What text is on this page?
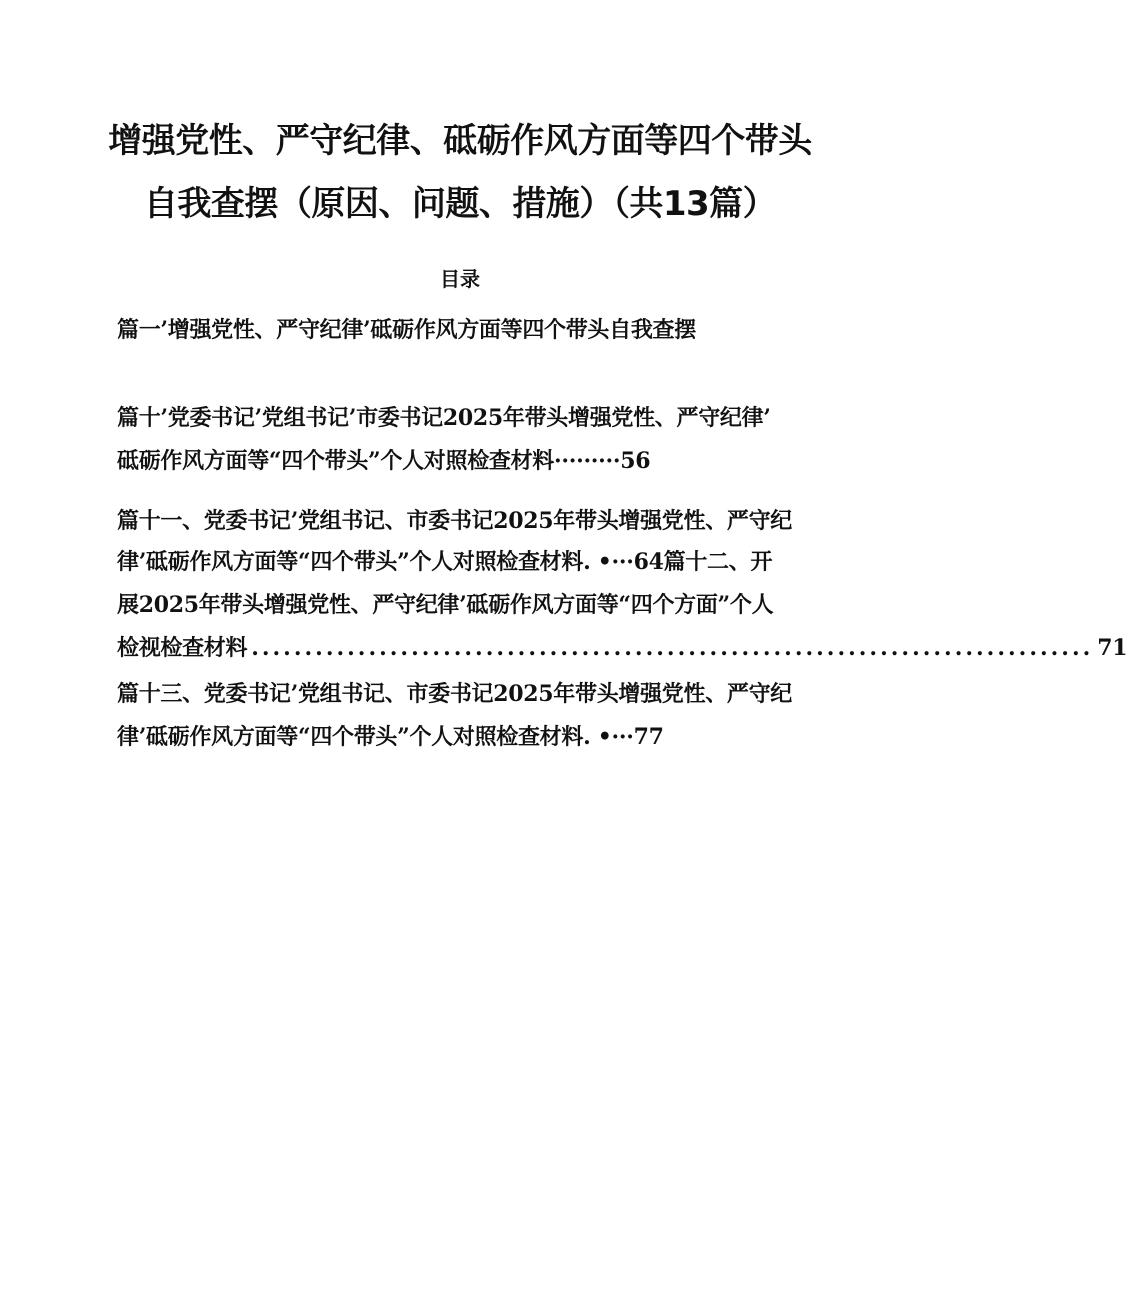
增强党性、严守纪律、砥砺作风方面等四个带头
自我查摆（原因、问题、措施）（共13篇）
目录
篇一’增强党性、严守纪律’砥砺作风方面等四个带头自我查摆
篇十’党委书记’党组书记’市委书记2025年带头增强党性、严守纪律’
砥砺作风方面等“四个带头”个人对照检查材料·········56
篇十一、党委书记’党组书记、市委书记2025年带头增强党性、严守纪
律’砥砺作风方面等“四个带头”个人对照检查材料. •···64篇十二、开
展2025年带头增强党性、严守纪律’砥砺作风方面等“四个方面”个人
检视检查材料 ............................................................................... 71
篇十三、党委书记’党组书记、市委书记2025年带头增强党性、严守纪
律’砥砺作风方面等“四个带头”个人对照检查材料. •···77
